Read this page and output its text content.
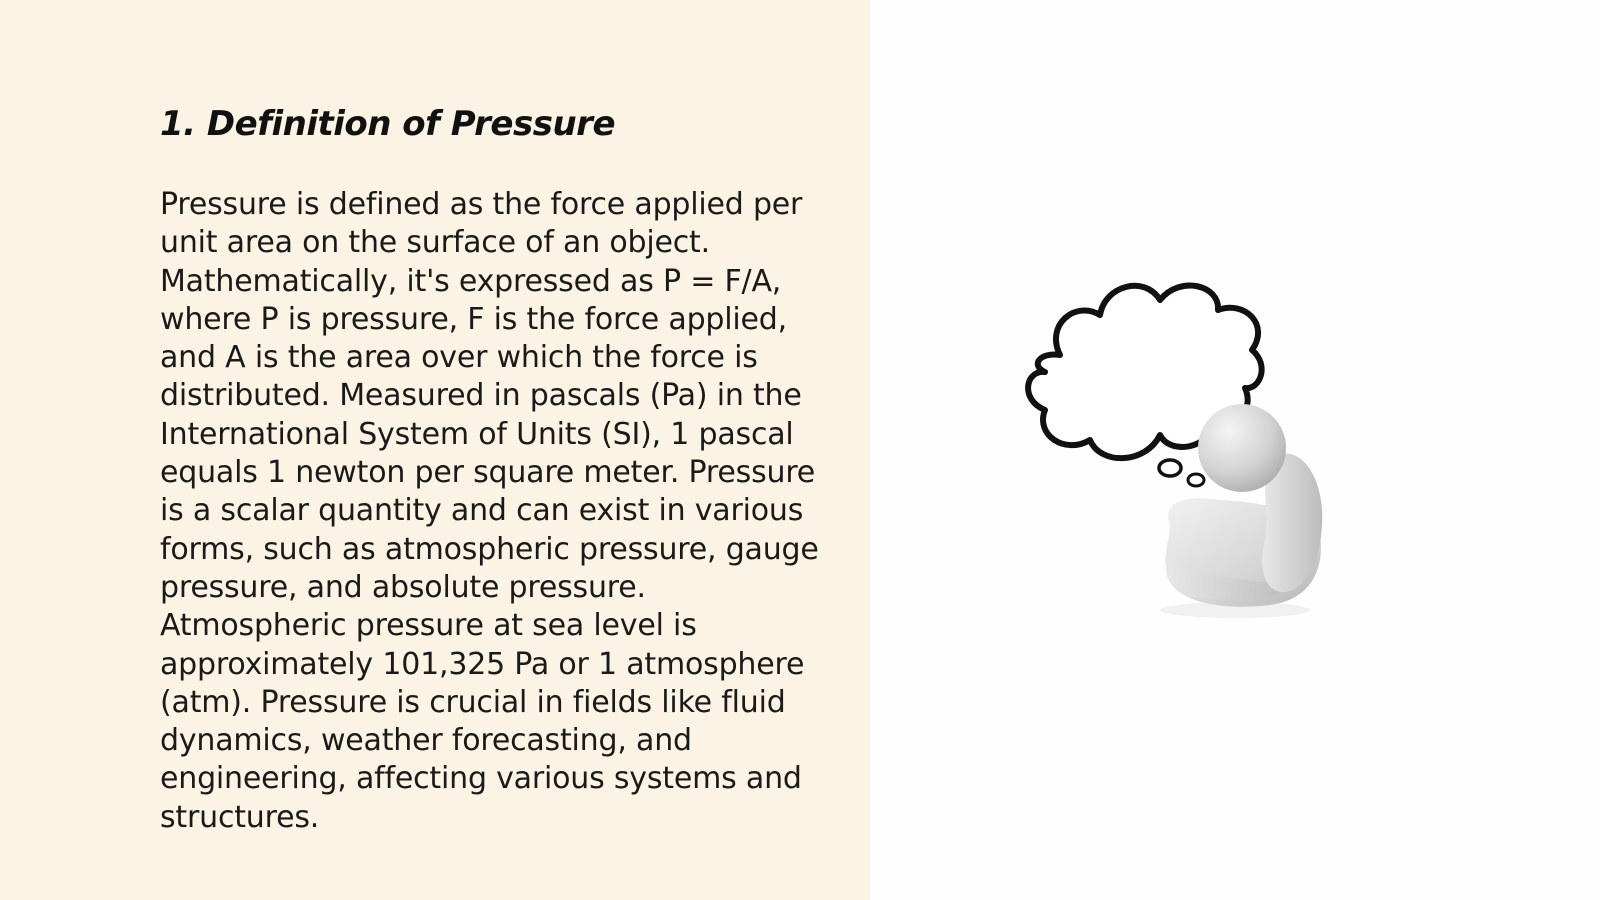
1. Definition of Pressure

Pressure is defined as the force applied per unit area on the surface of an object. Mathematically, it's expressed as P = F/A, where P is pressure, F is the force applied, and A is the area over which the force is distributed. Measured in pascals (Pa) in the International System of Units (SI), 1 pascal equals 1 newton per square meter. Pressure is a scalar quantity and can exist in various forms, such as atmospheric pressure, gauge pressure, and absolute pressure. Atmospheric pressure at sea level is approximately 101,325 Pa or 1 atmosphere (atm). Pressure is crucial in fields like fluid dynamics, weather forecasting, and engineering, affecting various systems and structures.
